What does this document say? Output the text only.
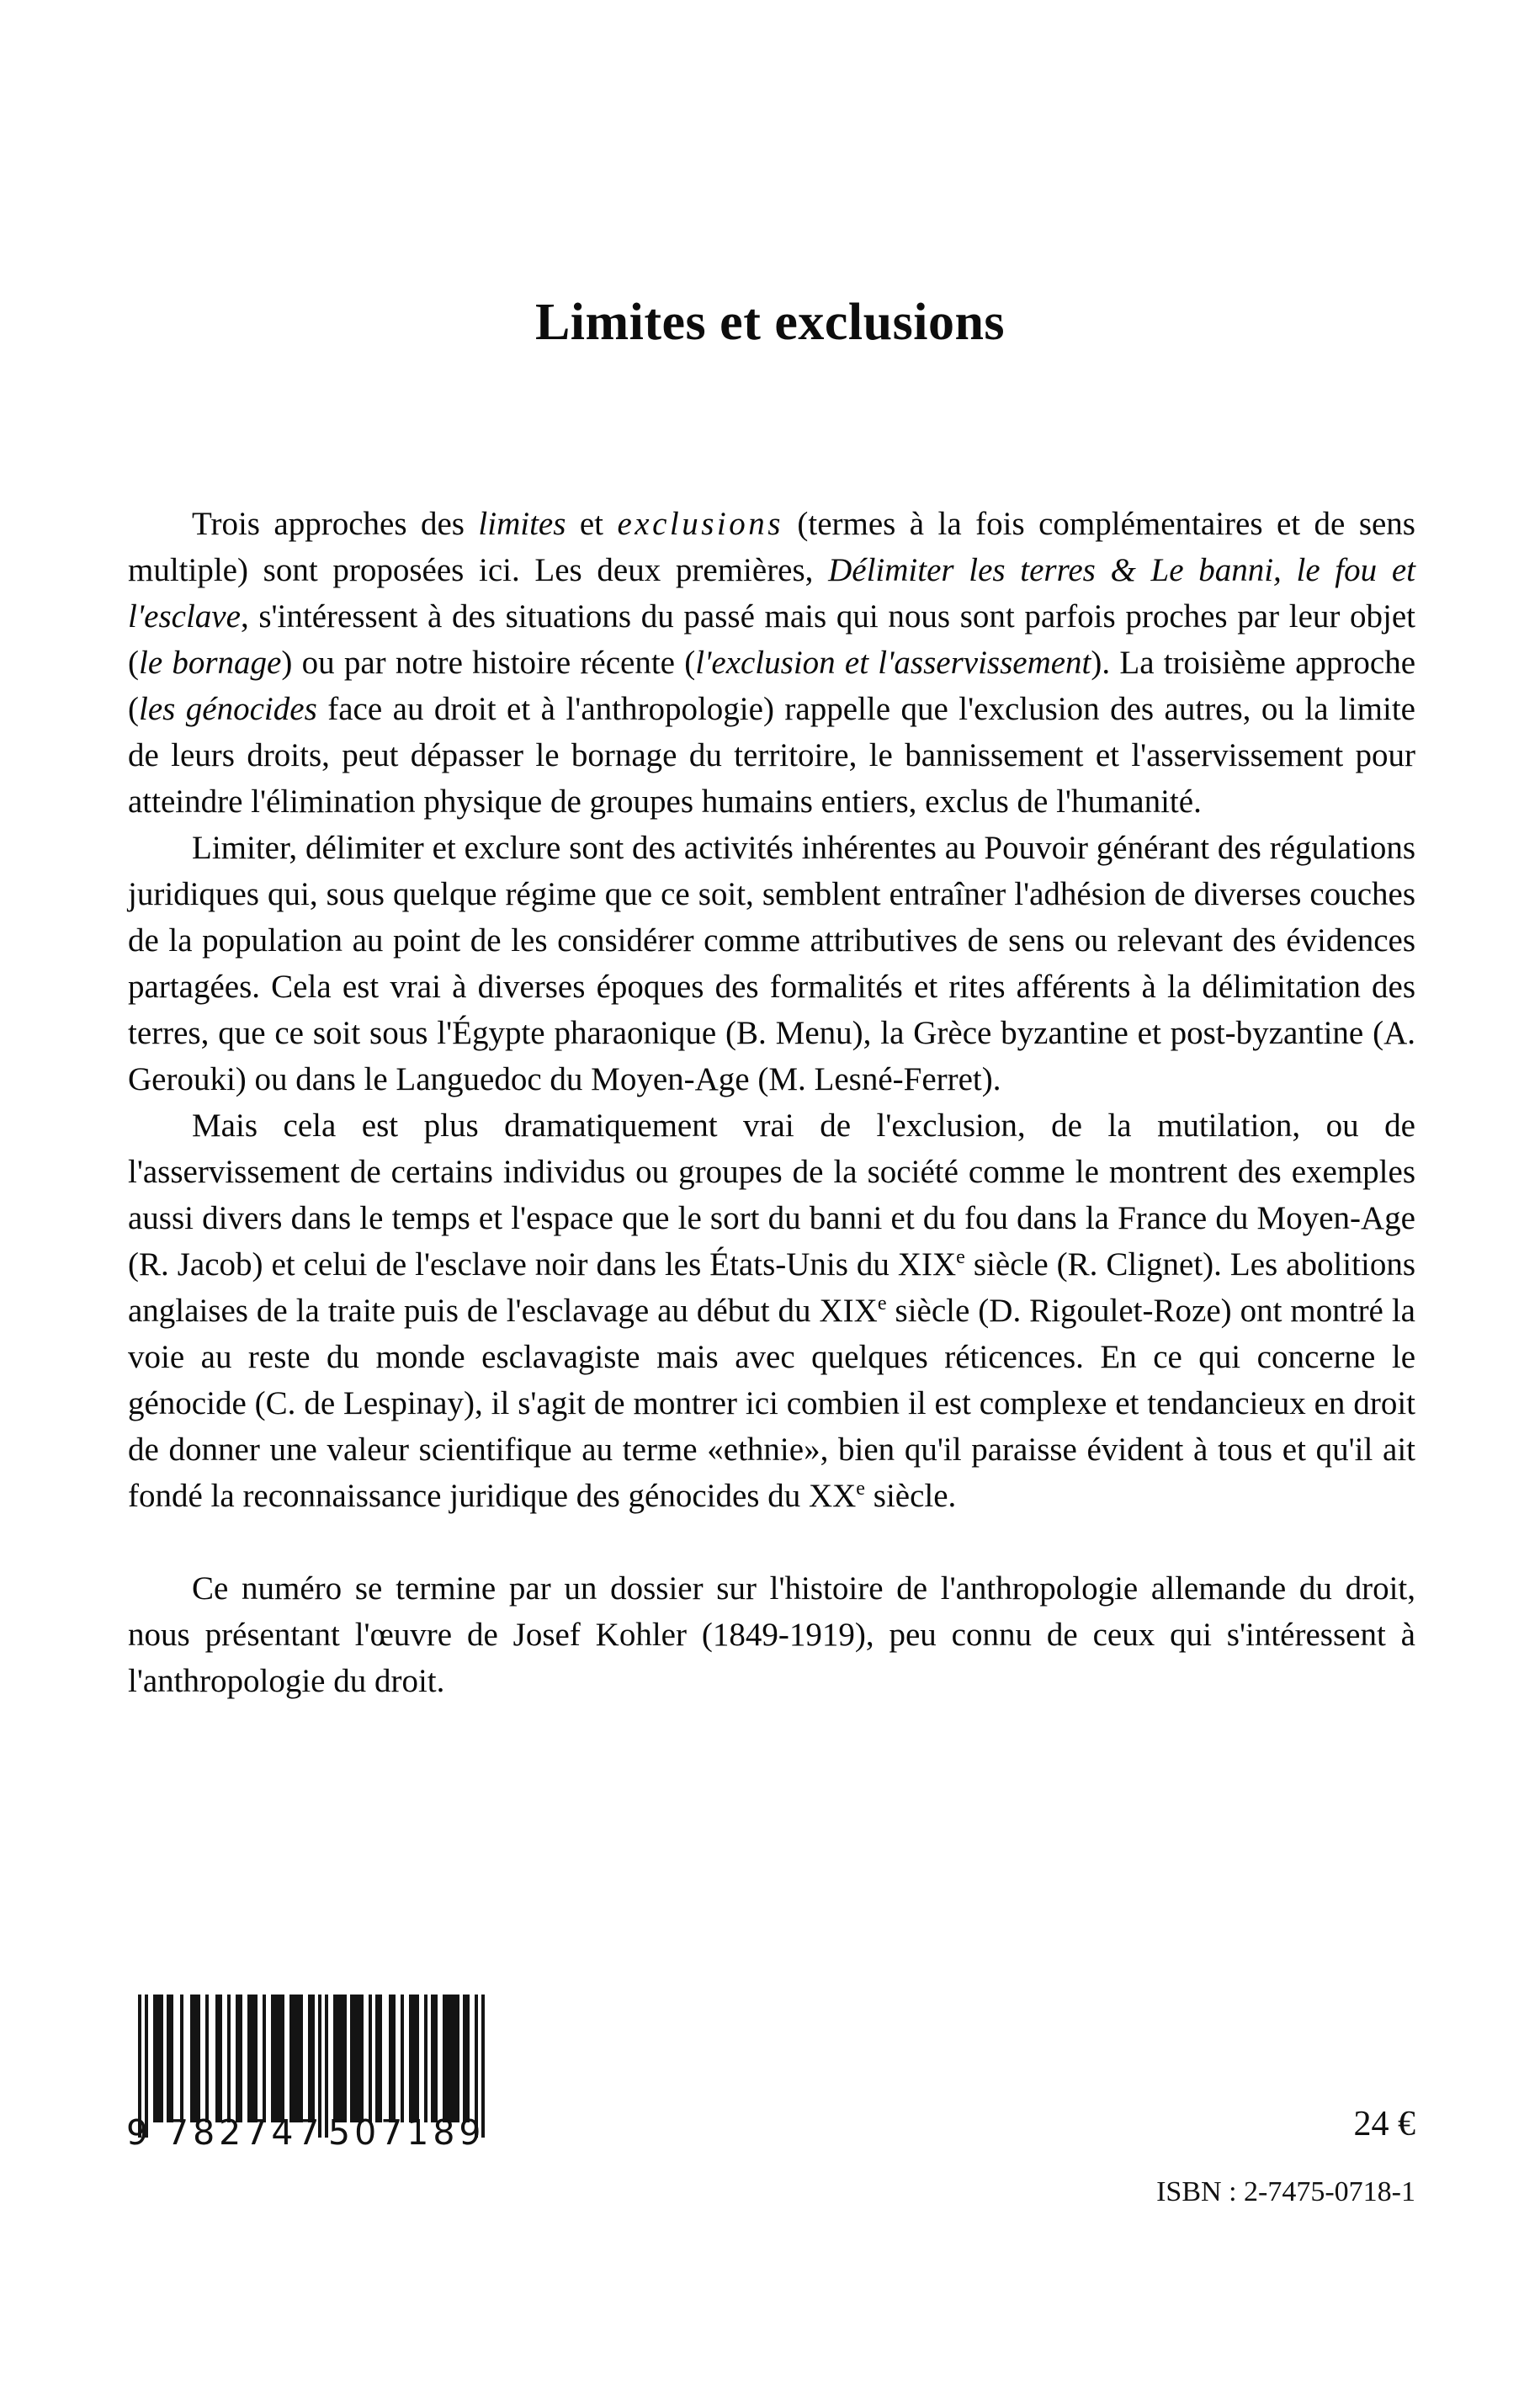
Limites et exclusions

Trois approches des limites et exclusions (termes à la fois complémentaires et de sens multiple) sont proposées ici. Les deux premières, Délimiter les terres & Le banni, le fou et l'esclave, s'intéressent à des situations du passé mais qui nous sont parfois proches par leur objet (le bornage) ou par notre histoire récente (l'exclusion et l'asservissement). La troisième approche (les génocides face au droit et à l'anthropologie) rappelle que l'exclusion des autres, ou la limite de leurs droits, peut dépasser le bornage du territoire, le bannissement et l'asservissement pour atteindre l'élimination physique de groupes humains entiers, exclus de l'humanité.

Limiter, délimiter et exclure sont des activités inhérentes au Pouvoir générant des régulations juridiques qui, sous quelque régime que ce soit, semblent entraîner l'adhésion de diverses couches de la population au point de les considérer comme attributives de sens ou relevant des évidences partagées. Cela est vrai à diverses époques des formalités et rites afférents à la délimitation des terres, que ce soit sous l'Égypte pharaonique (B. Menu), la Grèce byzantine et post-byzantine (A. Gerouki) ou dans le Languedoc du Moyen-Age (M. Lesné-Ferret).

Mais cela est plus dramatiquement vrai de l'exclusion, de la mutilation, ou de l'asservissement de certains individus ou groupes de la société comme le montrent des exemples aussi divers dans le temps et l'espace que le sort du banni et du fou dans la France du Moyen-Age (R. Jacob) et celui de l'esclave noir dans les États-Unis du XIXe siècle (R. Clignet). Les abolitions anglaises de la traite puis de l'esclavage au début du XIXe siècle (D. Rigoulet-Roze) ont montré la voie au reste du monde esclavagiste mais avec quelques réticences. En ce qui concerne le génocide (C. de Lespinay), il s'agit de montrer ici combien il est complexe et tendancieux en droit de donner une valeur scientifique au terme «ethnie», bien qu'il paraisse évident à tous et qu'il ait fondé la reconnaissance juridique des génocides du XXe siècle.

Ce numéro se termine par un dossier sur l'histoire de l'anthropologie allemande du droit, nous présentant l'œuvre de Josef Kohler (1849-1919), peu connu de ceux qui s'intéressent à l'anthropologie du droit.

9 782747 507189	24 €
ISBN : 2-7475-0718-1
